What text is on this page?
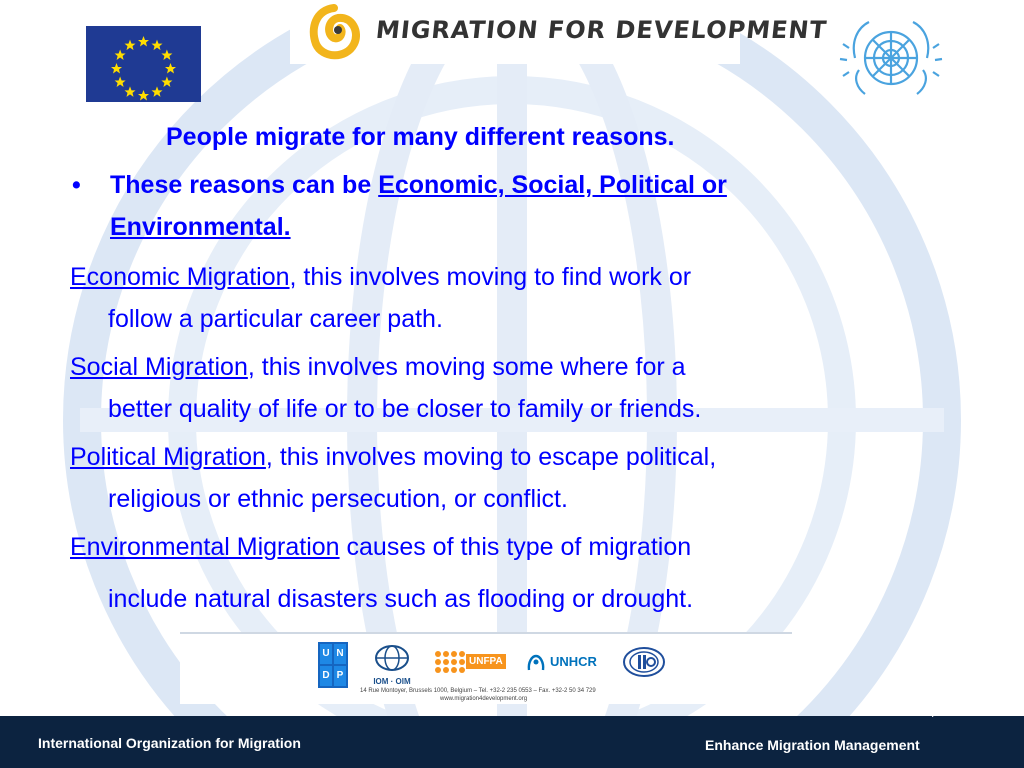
MIGRATION FOR DEVELOPMENT
People migrate for many different reasons.
• These reasons can be Economic, Social, Political or
Environmental.
Economic Migration, this involves moving to find work or
follow a particular career path.
Social Migration, this involves moving some where for a
better quality of life or to be closer to family or friends.
Political Migration, this involves moving to escape political,
religious or ethnic persecution, or conflict.
Environmental Migration causes of this type of migration
include natural disasters such as flooding or drought.
U N
D P
IOM · OIM
UNFPA	UNHCR
14 Rue Montoyer, Brussels 1000, Belgium – Tel. +32-2 235 0553 – Fax. +32-2 50 34 729
www.migration4development.org
4
International Organization for Migration	Enhance Migration Management
